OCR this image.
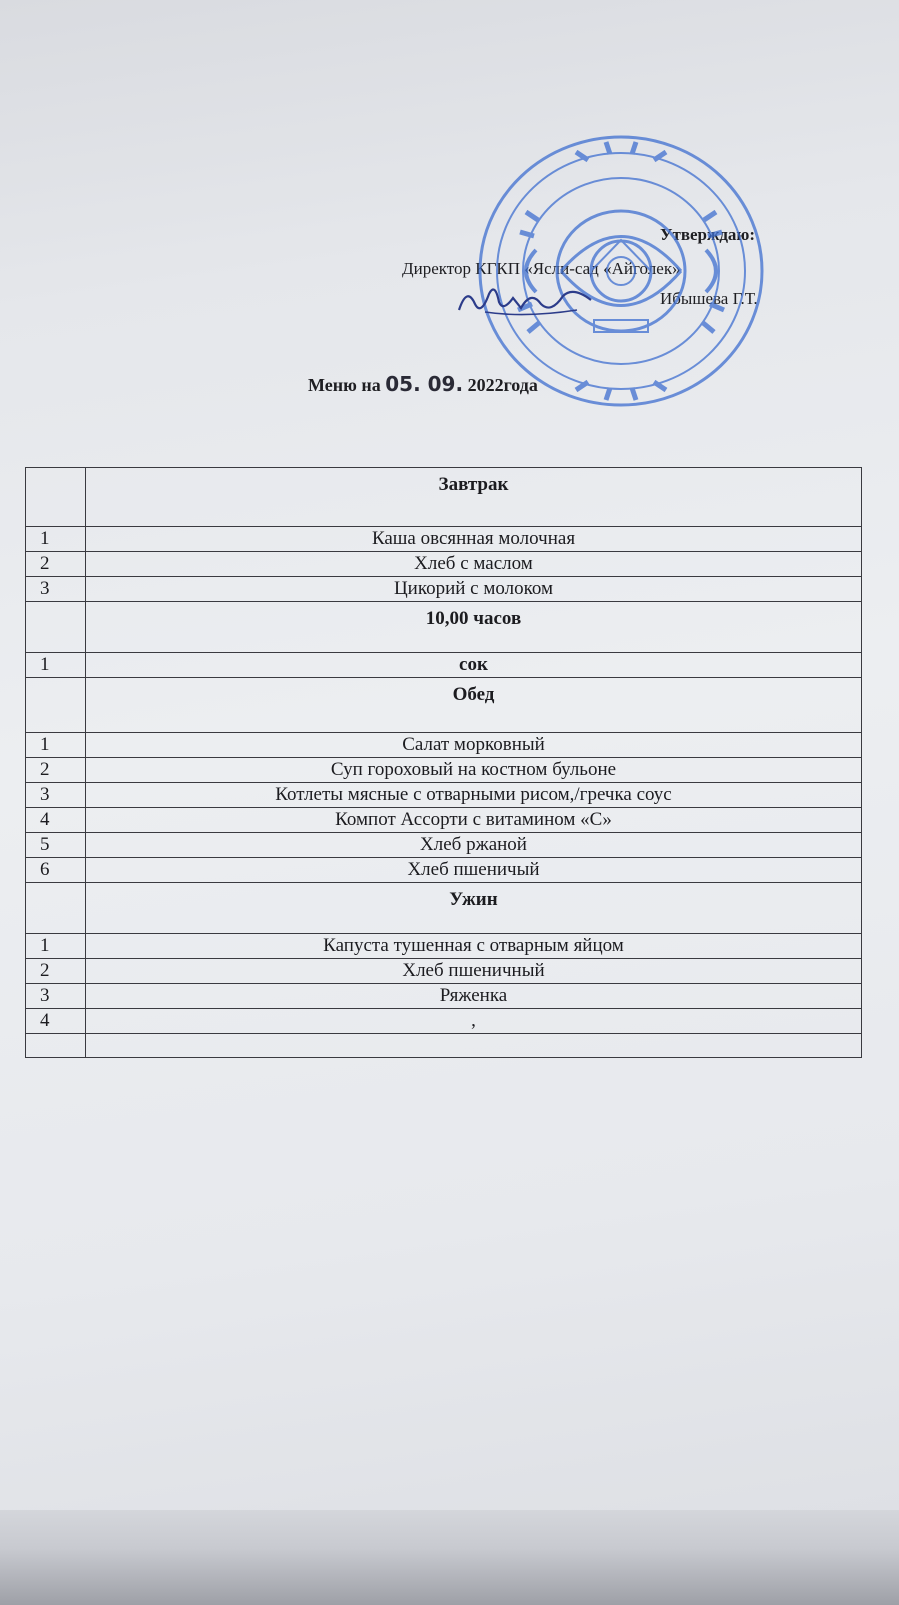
Утверждаю:
Директор КГКП «Ясли-сад «Айголек»
Ибышева Г.Т.
Меню на 05. 09. 2022года
	Завтрак
1	Каша овсянная молочная
2	Хлеб с маслом
3	Цикорий с молоком
	10,00 часов
1	сок
	Обед
1	Салат морковный
2	Суп гороховый на костном бульоне
3	Котлеты мясные с отварными рисом,/гречка соус
4	Компот Ассорти с витамином «С»
5	Хлеб ржаной
6	Хлеб пшеничый
	Ужин
1	Капуста тушенная с отварным яйцом
2	Хлеб пшеничный
3	Ряженка
4	,
